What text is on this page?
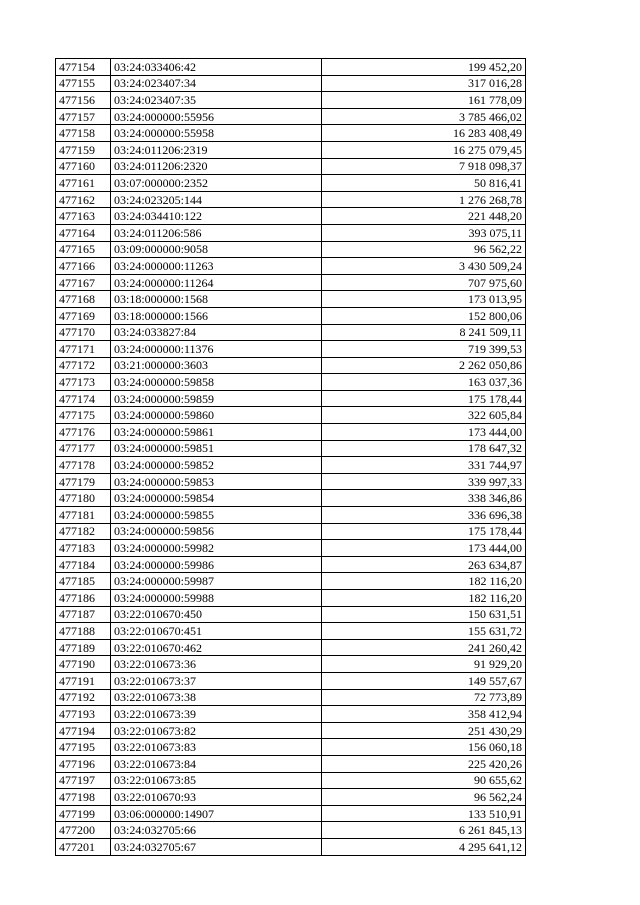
477154	03:24:033406:42	199 452,20
477155	03:24:023407:34	317 016,28
477156	03:24:023407:35	161 778,09
477157	03:24:000000:55956	3 785 466,02
477158	03:24:000000:55958	16 283 408,49
477159	03:24:011206:2319	16 275 079,45
477160	03:24:011206:2320	7 918 098,37
477161	03:07:000000:2352	50 816,41
477162	03:24:023205:144	1 276 268,78
477163	03:24:034410:122	221 448,20
477164	03:24:011206:586	393 075,11
477165	03:09:000000:9058	96 562,22
477166	03:24:000000:11263	3 430 509,24
477167	03:24:000000:11264	707 975,60
477168	03:18:000000:1568	173 013,95
477169	03:18:000000:1566	152 800,06
477170	03:24:033827:84	8 241 509,11
477171	03:24:000000:11376	719 399,53
477172	03:21:000000:3603	2 262 050,86
477173	03:24:000000:59858	163 037,36
477174	03:24:000000:59859	175 178,44
477175	03:24:000000:59860	322 605,84
477176	03:24:000000:59861	173 444,00
477177	03:24:000000:59851	178 647,32
477178	03:24:000000:59852	331 744,97
477179	03:24:000000:59853	339 997,33
477180	03:24:000000:59854	338 346,86
477181	03:24:000000:59855	336 696,38
477182	03:24:000000:59856	175 178,44
477183	03:24:000000:59982	173 444,00
477184	03:24:000000:59986	263 634,87
477185	03:24:000000:59987	182 116,20
477186	03:24:000000:59988	182 116,20
477187	03:22:010670:450	150 631,51
477188	03:22:010670:451	155 631,72
477189	03:22:010670:462	241 260,42
477190	03:22:010673:36	91 929,20
477191	03:22:010673:37	149 557,67
477192	03:22:010673:38	72 773,89
477193	03:22:010673:39	358 412,94
477194	03:22:010673:82	251 430,29
477195	03:22:010673:83	156 060,18
477196	03:22:010673:84	225 420,26
477197	03:22:010673:85	90 655,62
477198	03:22:010670:93	96 562,24
477199	03:06:000000:14907	133 510,91
477200	03:24:032705:66	6 261 845,13
477201	03:24:032705:67	4 295 641,12
